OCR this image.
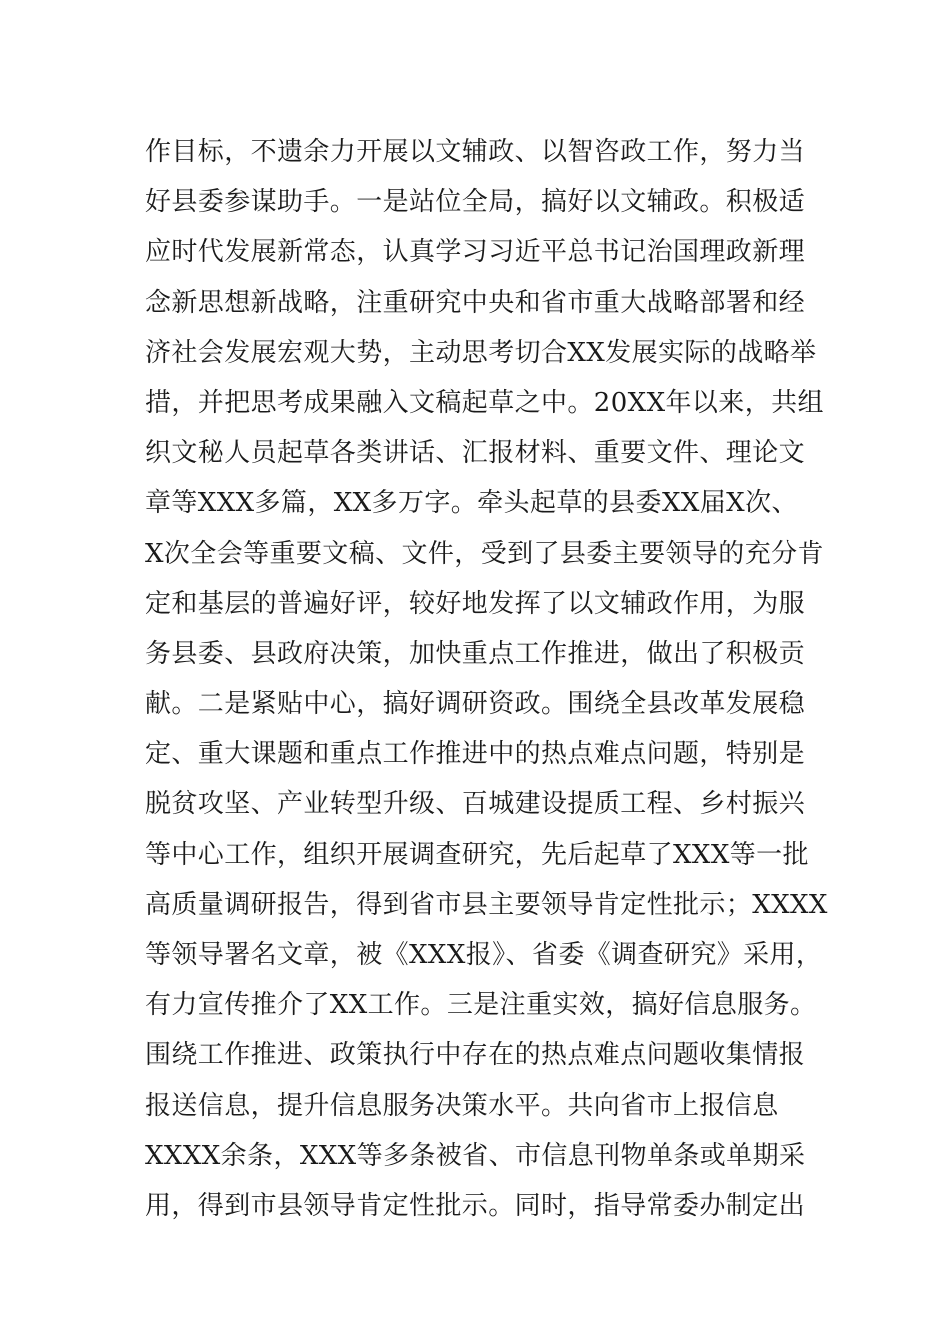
作目标，不遗余力开展以文辅政、以智咨政工作，努力当
好县委参谋助手。一是站位全局，搞好以文辅政。积极适
应时代发展新常态，认真学习习近平总书记治国理政新理
念新思想新战略，注重研究中央和省市重大战略部署和经
济社会发展宏观大势，主动思考切合XX发展实际的战略举
措，并把思考成果融入文稿起草之中。20XX年以来，共组
织文秘人员起草各类讲话、汇报材料、重要文件、理论文
章等XXX多篇，XX多万字。牵头起草的县委XX届X次、
X次全会等重要文稿、文件，受到了县委主要领导的充分肯
定和基层的普遍好评，较好地发挥了以文辅政作用，为服
务县委、县政府决策，加快重点工作推进，做出了积极贡
献。二是紧贴中心，搞好调研资政。围绕全县改革发展稳
定、重大课题和重点工作推进中的热点难点问题，特别是
脱贫攻坚、产业转型升级、百城建设提质工程、乡村振兴
等中心工作，组织开展调查研究，先后起草了XXX等一批
高质量调研报告，得到省市县主要领导肯定性批示；XXXX
等领导署名文章，被《XXX报》、省委《调查研究》采用，
有力宣传推介了XX工作。三是注重实效，搞好信息服务。
围绕工作推进、政策执行中存在的热点难点问题收集情报
报送信息，提升信息服务决策水平。共向省市上报信息
XXXX余条，XXX等多条被省、市信息刊物单条或单期采
用，得到市县领导肯定性批示。同时，指导常委办制定出
